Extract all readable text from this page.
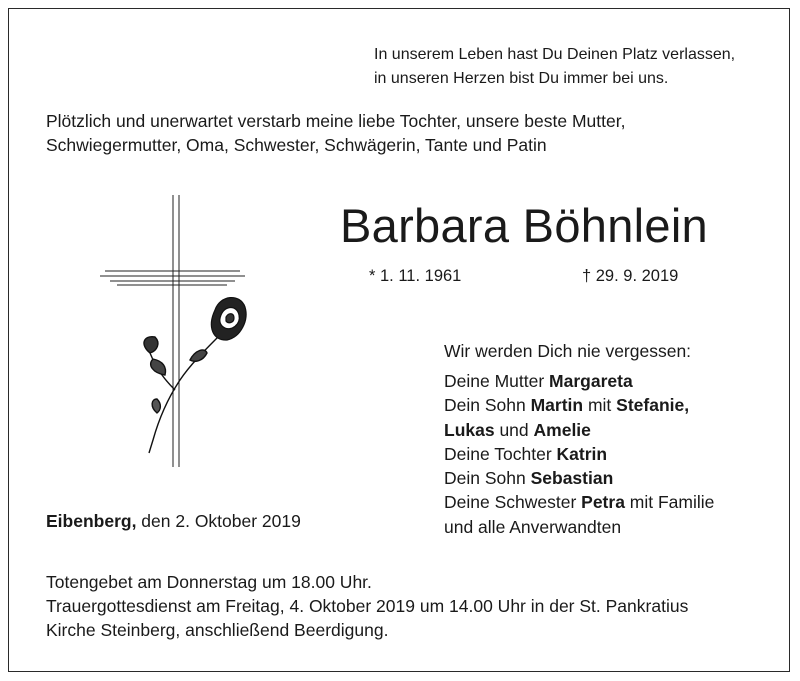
In unserem Leben hast Du Deinen Platz verlassen,
in unseren Herzen bist Du immer bei uns.
Plötzlich und unerwartet verstarb meine liebe Tochter, unsere beste Mutter,
Schwiegermutter, Oma, Schwester, Schwägerin, Tante und Patin
Barbara Böhnlein
* 1. 11. 1961	† 29. 9. 2019
Wir werden Dich nie vergessen:
Deine Mutter Margareta
Dein Sohn Martin mit Stefanie,
Lukas und Amelie
Deine Tochter Katrin
Dein Sohn Sebastian
Deine Schwester Petra mit Familie
und alle Anverwandten
Eibenberg, den 2. Oktober 2019
Totengebet am Donnerstag um 18.00 Uhr.
Trauergottesdienst am Freitag, 4. Oktober 2019 um 14.00 Uhr in der St. Pankratius
Kirche Steinberg, anschließend Beerdigung.
